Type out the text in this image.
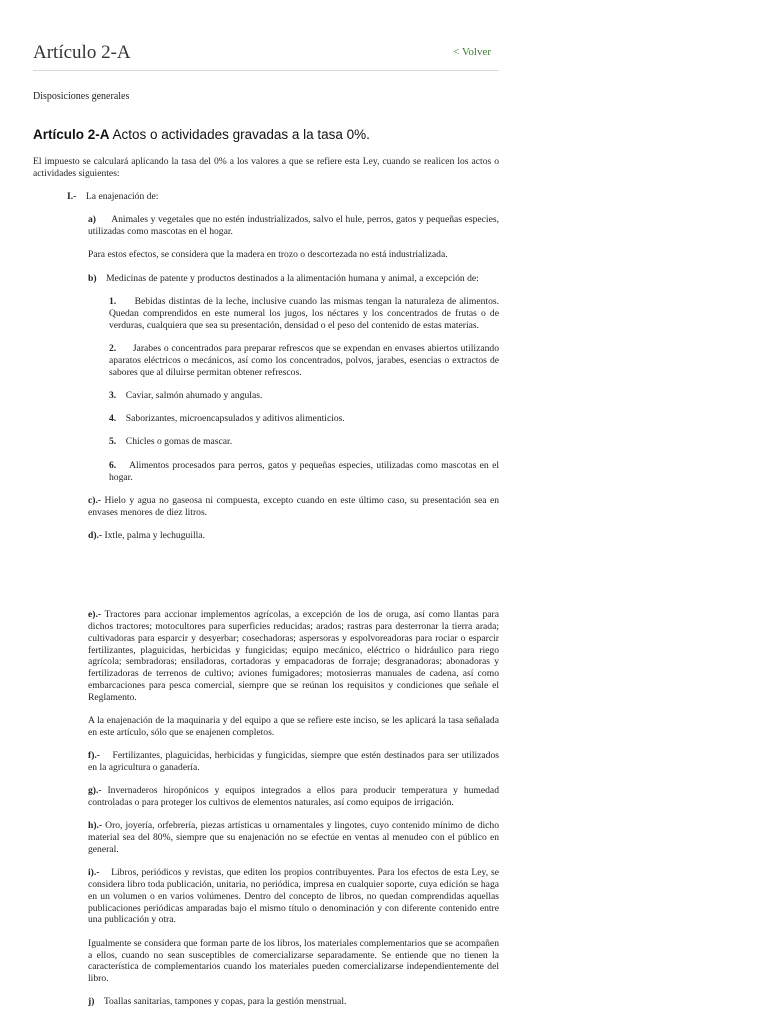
Artículo 2-A	< Volver

Disposiciones generales

Artículo 2-A Actos o actividades gravadas a la tasa 0%.

El impuesto se calculará aplicando la tasa del 0% a los valores a que se refiere esta Ley, cuando se realicen los actos o actividades siguientes:

I.- La enajenación de:

a) Animales y vegetales que no estén industrializados, salvo el hule, perros, gatos y pequeñas especies, utilizadas como mascotas en el hogar.

Para estos efectos, se considera que la madera en trozo o descortezada no está industrializada.

b) Medicinas de patente y productos destinados a la alimentación humana y animal, a excepción de:

1. Bebidas distintas de la leche, inclusive cuando las mismas tengan la naturaleza de alimentos. Quedan comprendidos en este numeral los jugos, los néctares y los concentrados de frutas o de verduras, cualquiera que sea su presentación, densidad o el peso del contenido de estas materias.

2. Jarabes o concentrados para preparar refrescos que se expendan en envases abiertos utilizando aparatos eléctricos o mecánicos, así como los concentrados, polvos, jarabes, esencias o extractos de sabores que al diluirse permitan obtener refrescos.

3. Caviar, salmón ahumado y angulas.

4. Saborizantes, microencapsulados y aditivos alimenticios.

5. Chicles o gomas de mascar.

6. Alimentos procesados para perros, gatos y pequeñas especies, utilizadas como mascotas en el hogar.

c).- Hielo y agua no gaseosa ni compuesta, excepto cuando en este último caso, su presentación sea en envases menores de diez litros.

d).- Ixtle, palma y lechuguilla.

e).- Tractores para accionar implementos agrícolas, a excepción de los de oruga, así como llantas para dichos tractores; motocultores para superficies reducidas; arados; rastras para desterronar la tierra arada; cultivadoras para esparcir y desyerbar; cosechadoras; aspersoras y espolvoreadoras para rociar o esparcir fertilizantes, plaguicidas, herbicidas y fungicidas; equipo mecánico, eléctrico o hidráulico para riego agrícola; sembradoras; ensiladoras, cortadoras y empacadoras de forraje; desgranadoras; abonadoras y fertilizadoras de terrenos de cultivo; aviones fumigadores; motosierras manuales de cadena, así como embarcaciones para pesca comercial, siempre que se reúnan los requisitos y condiciones que señale el Reglamento.

A la enajenación de la maquinaria y del equipo a que se refiere este inciso, se les aplicará la tasa señalada en este artículo, sólo que se enajenen completos.

f).- Fertilizantes, plaguicidas, herbicidas y fungicidas, siempre que estén destinados para ser utilizados en la agricultura o ganadería.

g).- Invernaderos hiropónicos y equipos integrados a ellos para producir temperatura y humedad controladas o para proteger los cultivos de elementos naturales, así como equipos de irrigación.

h).- Oro, joyería, orfebrería, piezas artísticas u ornamentales y lingotes, cuyo contenido mínimo de dicho material sea del 80%, siempre que su enajenación no se efectúe en ventas al menudeo con el público en general.

i).- Libros, periódicos y revistas, que editen los propios contribuyentes. Para los efectos de esta Ley, se considera libro toda publicación, unitaria, no periódica, impresa en cualquier soporte, cuya edición se haga en un volumen o en varios volúmenes. Dentro del concepto de libros, no quedan comprendidas aquellas publicaciones periódicas amparadas bajo el mismo título o denominación y con diferente contenido entre una publicación y otra.

Igualmente se considera que forman parte de los libros, los materiales complementarios que se acompañen a ellos, cuando no sean susceptibles de comercializarse separadamente. Se entiende que no tienen la característica de complementarios cuando los materiales pueden comercializarse independientemente del libro.

j) Toallas sanitarias, tampones y copas, para la gestión menstrual.
